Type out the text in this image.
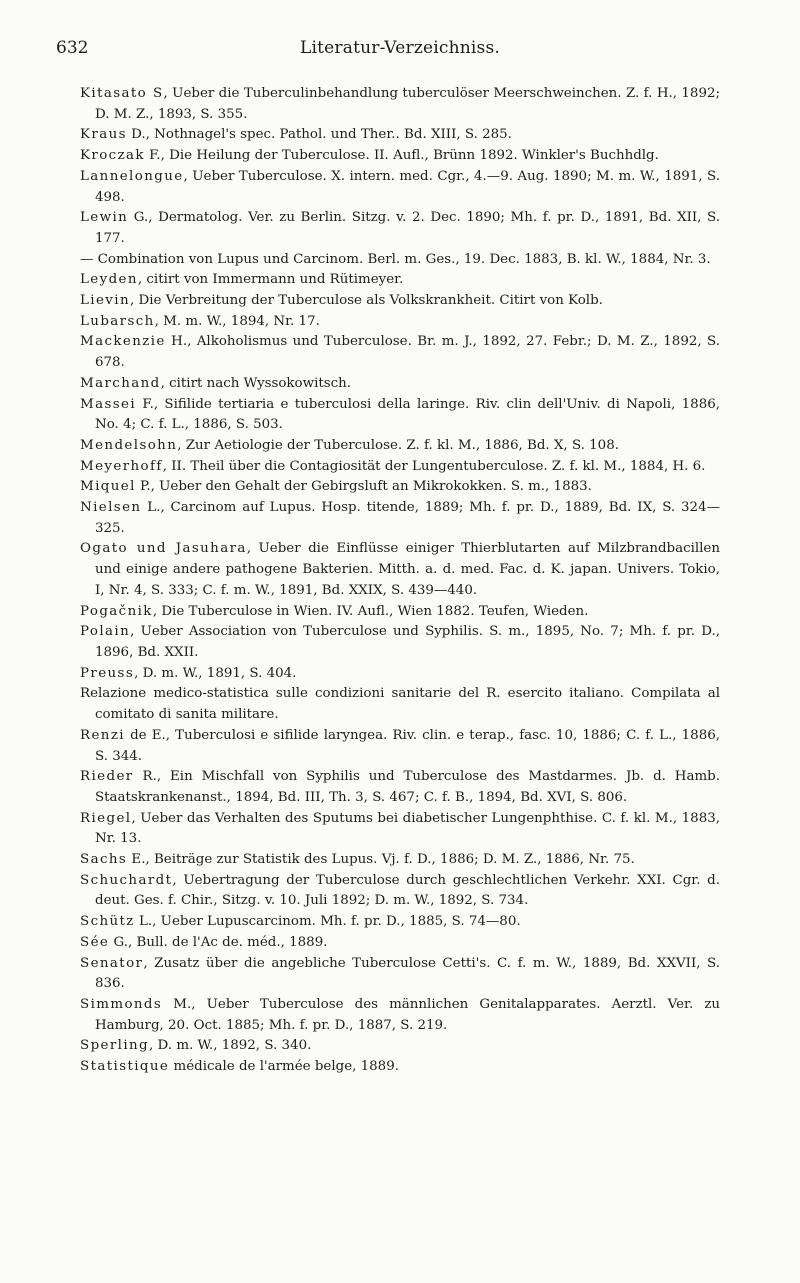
632	Literatur-Verzeichniss.
Kitasato S, Ueber die Tuberculinbehandlung tuberculöser Meerschweinchen. Z. f. H., 1892; D. M. Z., 1893, S. 355.
Kraus D., Nothnagel's spec. Pathol. und Ther.. Bd. XIII, S. 285.
Kroczak F., Die Heilung der Tuberculose. II. Aufl., Brünn 1892. Winkler's Buchhdlg.
Lannelongue, Ueber Tuberculose. X. intern. med. Cgr., 4.—9. Aug. 1890; M. m. W., 1891, S. 498.
Lewin G., Dermatolog. Ver. zu Berlin. Sitzg. v. 2. Dec. 1890; Mh. f. pr. D., 1891, Bd. XII, S. 177.
— Combination von Lupus und Carcinom. Berl. m. Ges., 19. Dec. 1883, B. kl. W., 1884, Nr. 3.
Leyden, citirt von Immermann und Rütimeyer.
Lievin, Die Verbreitung der Tuberculose als Volkskrankheit. Citirt von Kolb.
Lubarsch, M. m. W., 1894, Nr. 17.
Mackenzie H., Alkoholismus und Tuberculose. Br. m. J., 1892, 27. Febr.; D. M. Z., 1892, S. 678.
Marchand, citirt nach Wyssokowitsch.
Massei F., Sifilide tertiaria e tuberculosi della laringe. Riv. clin dell'Univ. di Napoli, 1886, No. 4; C. f. L., 1886, S. 503.
Mendelsohn, Zur Aetiologie der Tuberculose. Z. f. kl. M., 1886, Bd. X, S. 108.
Meyerhoff, II. Theil über die Contagiosität der Lungentuberculose. Z. f. kl. M., 1884, H. 6.
Miquel P., Ueber den Gehalt der Gebirgsluft an Mikrokokken. S. m., 1883.
Nielsen L., Carcinom auf Lupus. Hosp. titende, 1889; Mh. f. pr. D., 1889, Bd. IX, S. 324—325.
Ogato und Jasuhara, Ueber die Einflüsse einiger Thierblutarten auf Milzbrandbacillen und einige andere pathogene Bakterien. Mitth. a. d. med. Fac. d. K. japan. Univers. Tokio, I, Nr. 4, S. 333; C. f. m. W., 1891, Bd. XXIX, S. 439—440.
Pogačnik, Die Tuberculose in Wien. IV. Aufl., Wien 1882. Teufen, Wieden.
Polain, Ueber Association von Tuberculose und Syphilis. S. m., 1895, No. 7; Mh. f. pr. D., 1896, Bd. XXII.
Preuss, D. m. W., 1891, S. 404.
Relazione medico-statistica sulle condizioni sanitarie del R. esercito italiano. Compilata al comitato di sanita militare.
Renzi de E., Tuberculosi e sifilide laryngea. Riv. clin. e terap., fasc. 10, 1886; C. f. L., 1886, S. 344.
Rieder R., Ein Mischfall von Syphilis und Tuberculose des Mastdarmes. Jb. d. Hamb. Staatskrankenanst., 1894, Bd. III, Th. 3, S. 467; C. f. B., 1894, Bd. XVI, S. 806.
Riegel, Ueber das Verhalten des Sputums bei diabetischer Lungenphthise. C. f. kl. M., 1883, Nr. 13.
Sachs E., Beiträge zur Statistik des Lupus. Vj. f. D., 1886; D. M. Z., 1886, Nr. 75.
Schuchardt, Uebertragung der Tuberculose durch geschlechtlichen Verkehr. XXI. Cgr. d. deut. Ges. f. Chir., Sitzg. v. 10. Juli 1892; D. m. W., 1892, S. 734.
Schütz L., Ueber Lupuscarcinom. Mh. f. pr. D., 1885, S. 74—80.
Sée G., Bull. de l'Ac de. méd., 1889.
Senator, Zusatz über die angebliche Tuberculose Cetti's. C. f. m. W., 1889, Bd. XXVII, S. 836.
Simmonds M., Ueber Tuberculose des männlichen Genitalapparates. Aerztl. Ver. zu Hamburg, 20. Oct. 1885; Mh. f. pr. D., 1887, S. 219.
Sperling, D. m. W., 1892, S. 340.
Statistique médicale de l'armée belge, 1889.
